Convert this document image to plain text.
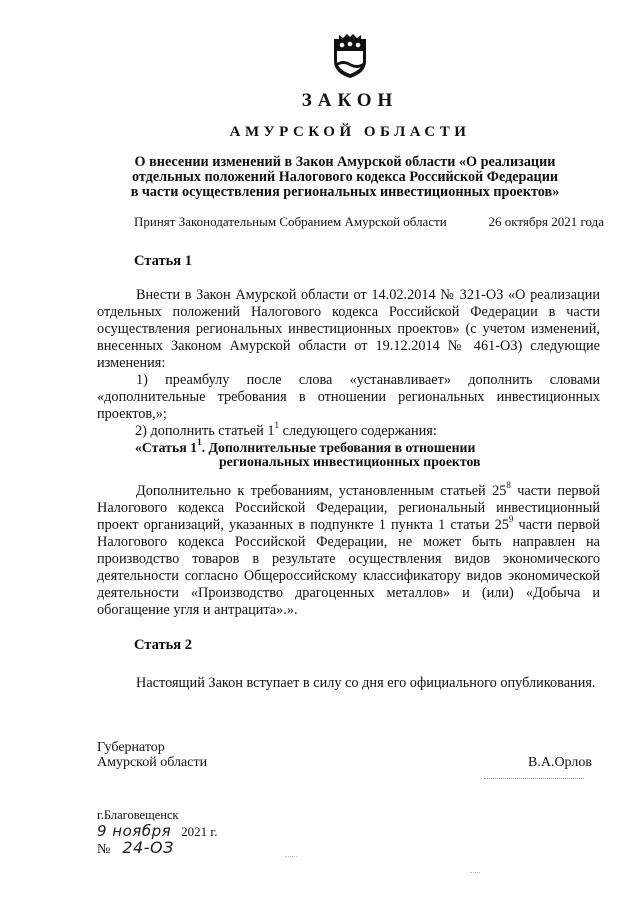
ЗАКОН
АМУРСКОЙ ОБЛАСТИ
О внесении изменений в Закон Амурской области «О реализации
отдельных положений Налогового кодекса Российской Федерации
в части осуществления региональных инвестиционных проектов»
Принят Законодательным Собранием Амурской области	26 октября 2021 года
Статья 1

Внести в Закон Амурской области от 14.02.2014 № 321-ОЗ «О реализации отдельных положений Налогового кодекса Российской Федерации в части осуществления региональных инвестиционных проектов» (с учетом изменений, внесенных Законом Амурской области от 19.12.2014 № 461-ОЗ) следующие изменения:

1) преамбулу после слова «устанавливает» дополнить словами «дополнительные требования в отношении региональных инвестиционных проектов,»;

2) дополнить статьей $1^1$ следующего содержания:

«Статья $1^1$. Дополнительные требования в отношении
региональных инвестиционных проектов

Дополнительно к требованиям, установленным статьей $25^8$ части первой Налогового кодекса Российской Федерации, региональный инвестиционный проект организаций, указанных в подпункте 1 пункта 1 статьи $25^9$ части первой Налогового кодекса Российской Федерации, не может быть направлен на производство товаров в результате осуществления видов экономического деятельности согласно Общероссийскому классификатору видов экономической деятельности «Производство драгоценных металлов» и (или) «Добыча и обогащение угля и антрацита».».

Статья 2

Настоящий Закон вступает в силу со дня его официального опубликования.

Губернатор
Амурской области	В.А.Орлов
г.Благовещенск
9 ноября 2021 г.
№ 24-ОЗ
